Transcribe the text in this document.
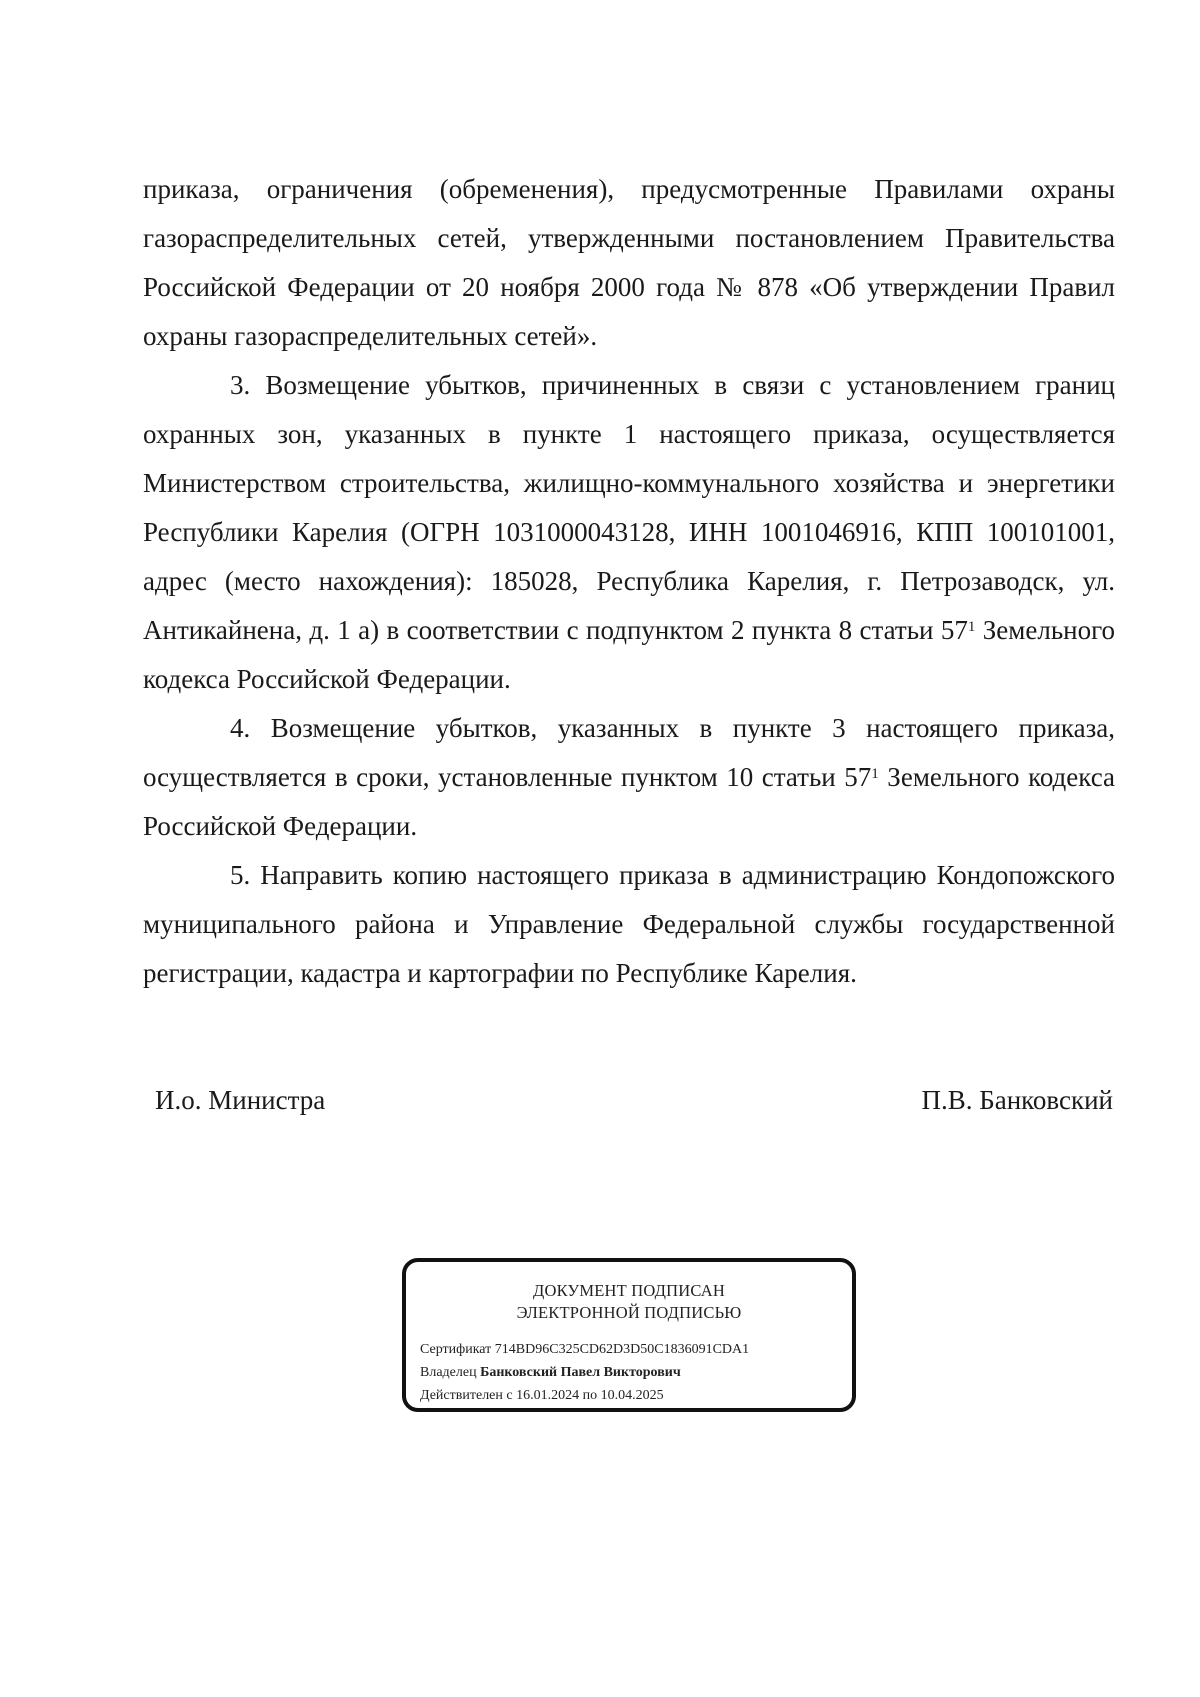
приказа, ограничения (обременения), предусмотренные Правилами охраны газораспределительных сетей, утвержденными постановлением Правительства Российской Федерации от 20 ноября 2000 года № 878 «Об утверждении Правил охраны газораспределительных сетей».

3. Возмещение убытков, причиненных в связи с установлением границ охранных зон, указанных в пункте 1 настоящего приказа, осуществляется Министерством строительства, жилищно-коммунального хозяйства и энергетики Республики Карелия (ОГРН 1031000043128, ИНН 1001046916, КПП 100101001, адрес (место нахождения): 185028, Республика Карелия, г. Петрозаводск, ул. Антикайнена, д. 1 а) в соответствии с подпунктом 2 пункта 8 статьи $57^1$ Земельного кодекса Российской Федерации.

4. Возмещение убытков, указанных в пункте 3 настоящего приказа, осуществляется в сроки, установленные пунктом 10 статьи $57^1$ Земельного кодекса Российской Федерации.

5. Направить копию настоящего приказа в администрацию Кондопожского муниципального района и Управление Федеральной службы государственной регистрации, кадастра и картографии по Республике Карелия.

И.о. Министра	П.В. Банковский
ДОКУМЕНТ ПОДПИСАН
ЭЛЕКТРОННОЙ ПОДПИСЬЮ
Сертификат 714BD96C325CD62D3D50C1836091CDA1
Владелец Банковский Павел Викторович
Действителен с 16.01.2024 по 10.04.2025
